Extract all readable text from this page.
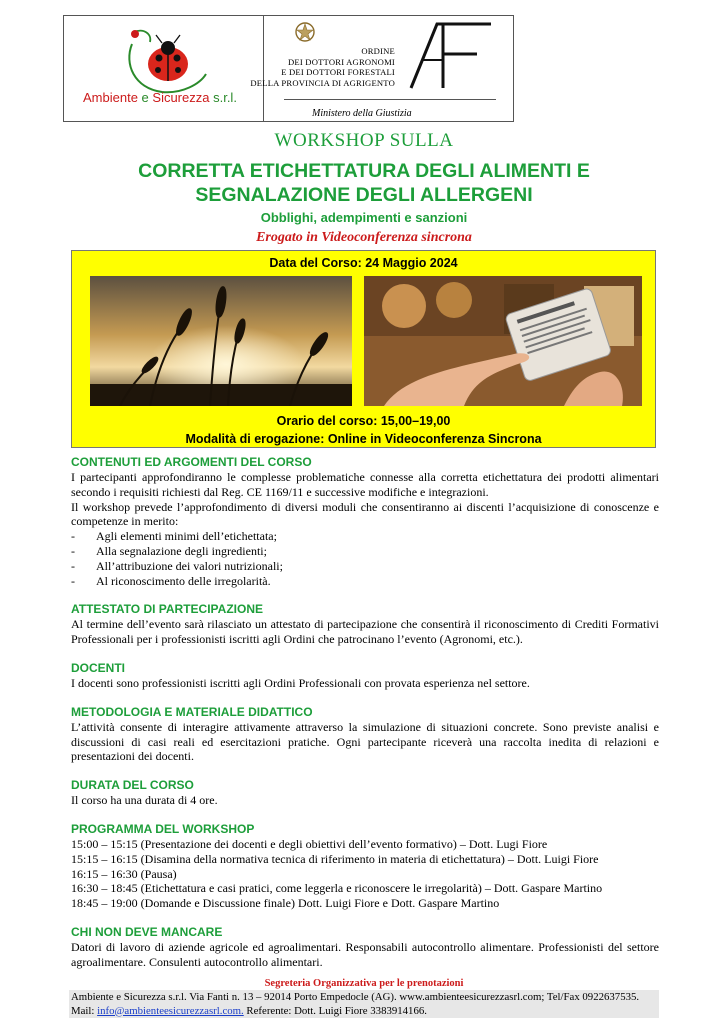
Ambiente e Sicurezza s.r.l.
ORDINE
DEI DOTTORI AGRONOMI
E DEI DOTTORI FORESTALI
DELLA PROVINCIA DI AGRIGENTO
Ministero della Giustizia
WORKSHOP SULLA
CORRETTA ETICHETTATURA DEGLI ALIMENTI E
SEGNALAZIONE DEGLI ALLERGENI
Obblighi, adempimenti e sanzioni
Erogato in Videoconferenza sincrona
Data del Corso: 24 Maggio 2024
Orario del corso: 15,00–19,00
Modalità di erogazione: Online in Videoconferenza Sincrona
CONTENUTI ED ARGOMENTI DEL CORSO
I partecipanti approfondiranno le complesse problematiche connesse alla corretta etichettatura dei prodotti alimentari secondo i requisiti richiesti dal Reg. CE 1169/11 e successive modifiche e integrazioni.
Il workshop prevede l’approfondimento di diversi moduli che consentiranno ai discenti l’acquisizione di conoscenze e competenze in merito:
- Agli elementi minimi dell’etichettata;
- Alla segnalazione degli ingredienti;
- All’attribuzione dei valori nutrizionali;
- Al riconoscimento delle irregolarità.
ATTESTATO DI PARTECIPAZIONE
Al termine dell’evento sarà rilasciato un attestato di partecipazione che consentirà il riconoscimento di Crediti Formativi Professionali per i professionisti iscritti agli Ordini che patrocinano l’evento (Agronomi, etc.).
DOCENTI
I docenti sono professionisti iscritti agli Ordini Professionali con provata esperienza nel settore.
METODOLOGIA E MATERIALE DIDATTICO
L’attività consente di interagire attivamente attraverso la simulazione di situazioni concrete. Sono previste analisi e discussioni di casi reali ed esercitazioni pratiche. Ogni partecipante riceverà una raccolta inedita di relazioni e presentazioni dei docenti.
DURATA DEL CORSO
Il corso ha una durata di 4 ore.
PROGRAMMA DEL WORKSHOP
15:00 – 15:15 (Presentazione dei docenti e degli obiettivi dell’evento formativo) – Dott. Lugi Fiore
15:15 – 16:15 (Disamina della normativa tecnica di riferimento in materia di etichettatura) – Dott. Luigi Fiore
16:15 – 16:30 (Pausa)
16:30 – 18:45 (Etichettatura e casi pratici, come leggerla e riconoscere le irregolarità) – Dott. Gaspare Martino
18:45 – 19:00 (Domande e Discussione finale) Dott. Luigi Fiore e Dott. Gaspare Martino
CHI NON DEVE MANCARE
Datori di lavoro di aziende agricole ed agroalimentari. Responsabili autocontrollo alimentare. Professionisti del settore agroalimentare. Consulenti autocontrollo alimentari.
Segreteria Organizzativa per le prenotazioni
Ambiente e Sicurezza s.r.l. Via Fanti n. 13 – 92014 Porto Empedocle (AG). www.ambienteesicurezzasrl.com; Tel/Fax 0922637535. Mail: info@ambienteesicurezzasrl.com. Referente: Dott. Luigi Fiore 3383914166.
